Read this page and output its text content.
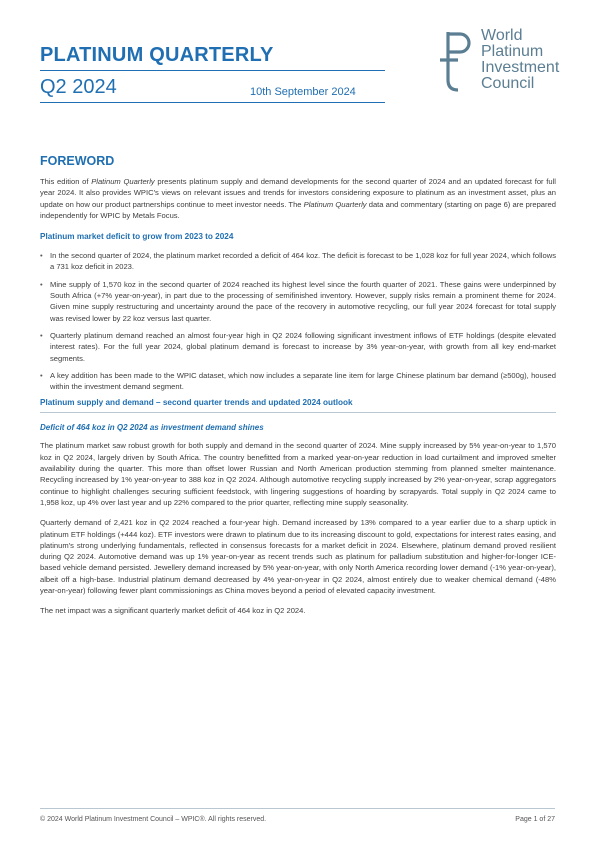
PLATINUM QUARTERLY
Q2 2024	10th September 2024
World
Platinum
Investment
Council
FOREWORD

This edition of Platinum Quarterly presents platinum supply and demand developments for the second quarter of 2024 and an updated forecast for full year 2024. It also provides WPIC's views on relevant issues and trends for investors considering exposure to platinum as an investment asset, plus an update on how our product partnerships continue to meet investor needs. The Platinum Quarterly data and commentary (starting on page 6) are prepared independently for WPIC by Metals Focus.

Platinum market deficit to grow from 2023 to 2024
• In the second quarter of 2024, the platinum market recorded a deficit of 464 koz. The deficit is forecast to be 1,028 koz for full year 2024, which follows a 731 koz deficit in 2023.
• Mine supply of 1,570 koz in the second quarter of 2024 reached its highest level since the fourth quarter of 2021. These gains were underpinned by South Africa (+7% year-on-year), in part due to the processing of semifinished inventory. However, supply risks remain a prominent theme for 2024. Given mine supply restructuring and uncertainty around the pace of the recovery in automotive recycling, our full year 2024 forecast for total supply was revised lower by 22 koz versus last quarter.
• Quarterly platinum demand reached an almost four-year high in Q2 2024 following significant investment inflows of ETF holdings (despite elevated interest rates). For the full year 2024, global platinum demand is forecast to increase by 3% year-on-year, with growth from all key end-market segments.
• A key addition has been made to the WPIC dataset, which now includes a separate line item for large Chinese platinum bar demand (≥500g), housed within the investment demand segment.
Platinum supply and demand – second quarter trends and updated 2024 outlook
Deficit of 464 koz in Q2 2024 as investment demand shines

The platinum market saw robust growth for both supply and demand in the second quarter of 2024. Mine supply increased by 5% year-on-year to 1,570 koz in Q2 2024, largely driven by South Africa. The country benefitted from a marked year-on-year reduction in load curtailment and improved smelter availability during the quarter. This more than offset lower Russian and North American production stemming from planned smelter maintenance. Recycling increased by 1% year-on-year to 388 koz in Q2 2024. Although automotive recycling supply increased by 2% year-on-year, scrap aggregators continue to highlight challenges securing sufficient feedstock, with lingering suggestions of hoarding by scrapyards. Total supply in Q2 2024 came to 1,958 koz, up 4% over last year and up 22% compared to the prior quarter, reflecting mine supply seasonality.

Quarterly demand of 2,421 koz in Q2 2024 reached a four-year high. Demand increased by 13% compared to a year earlier due to a sharp uptick in platinum ETF holdings (+444 koz). ETF investors were drawn to platinum due to its increasing discount to gold, expectations for interest rates easing, and platinum's strong underlying fundamentals, reflected in consensus forecasts for a market deficit in 2024. Elsewhere, platinum demand proved resilient during Q2 2024. Automotive demand was up 1% year-on-year as recent trends such as platinum for palladium substitution and higher-for-longer ICE-based vehicle demand persisted. Jewellery demand increased by 5% year-on-year, with only North America recording lower demand (-1% year-on-year), albeit off a high-base. Industrial platinum demand decreased by 4% year-on-year in Q2 2024, almost entirely due to weaker chemical demand (-48% year-on-year) following fewer plant commissionings as China moves beyond a period of elevated capacity investment.

The net impact was a significant quarterly market deficit of 464 koz in Q2 2024.

© 2024 World Platinum Investment Council – WPIC®. All rights reserved.	Page 1 of 27
